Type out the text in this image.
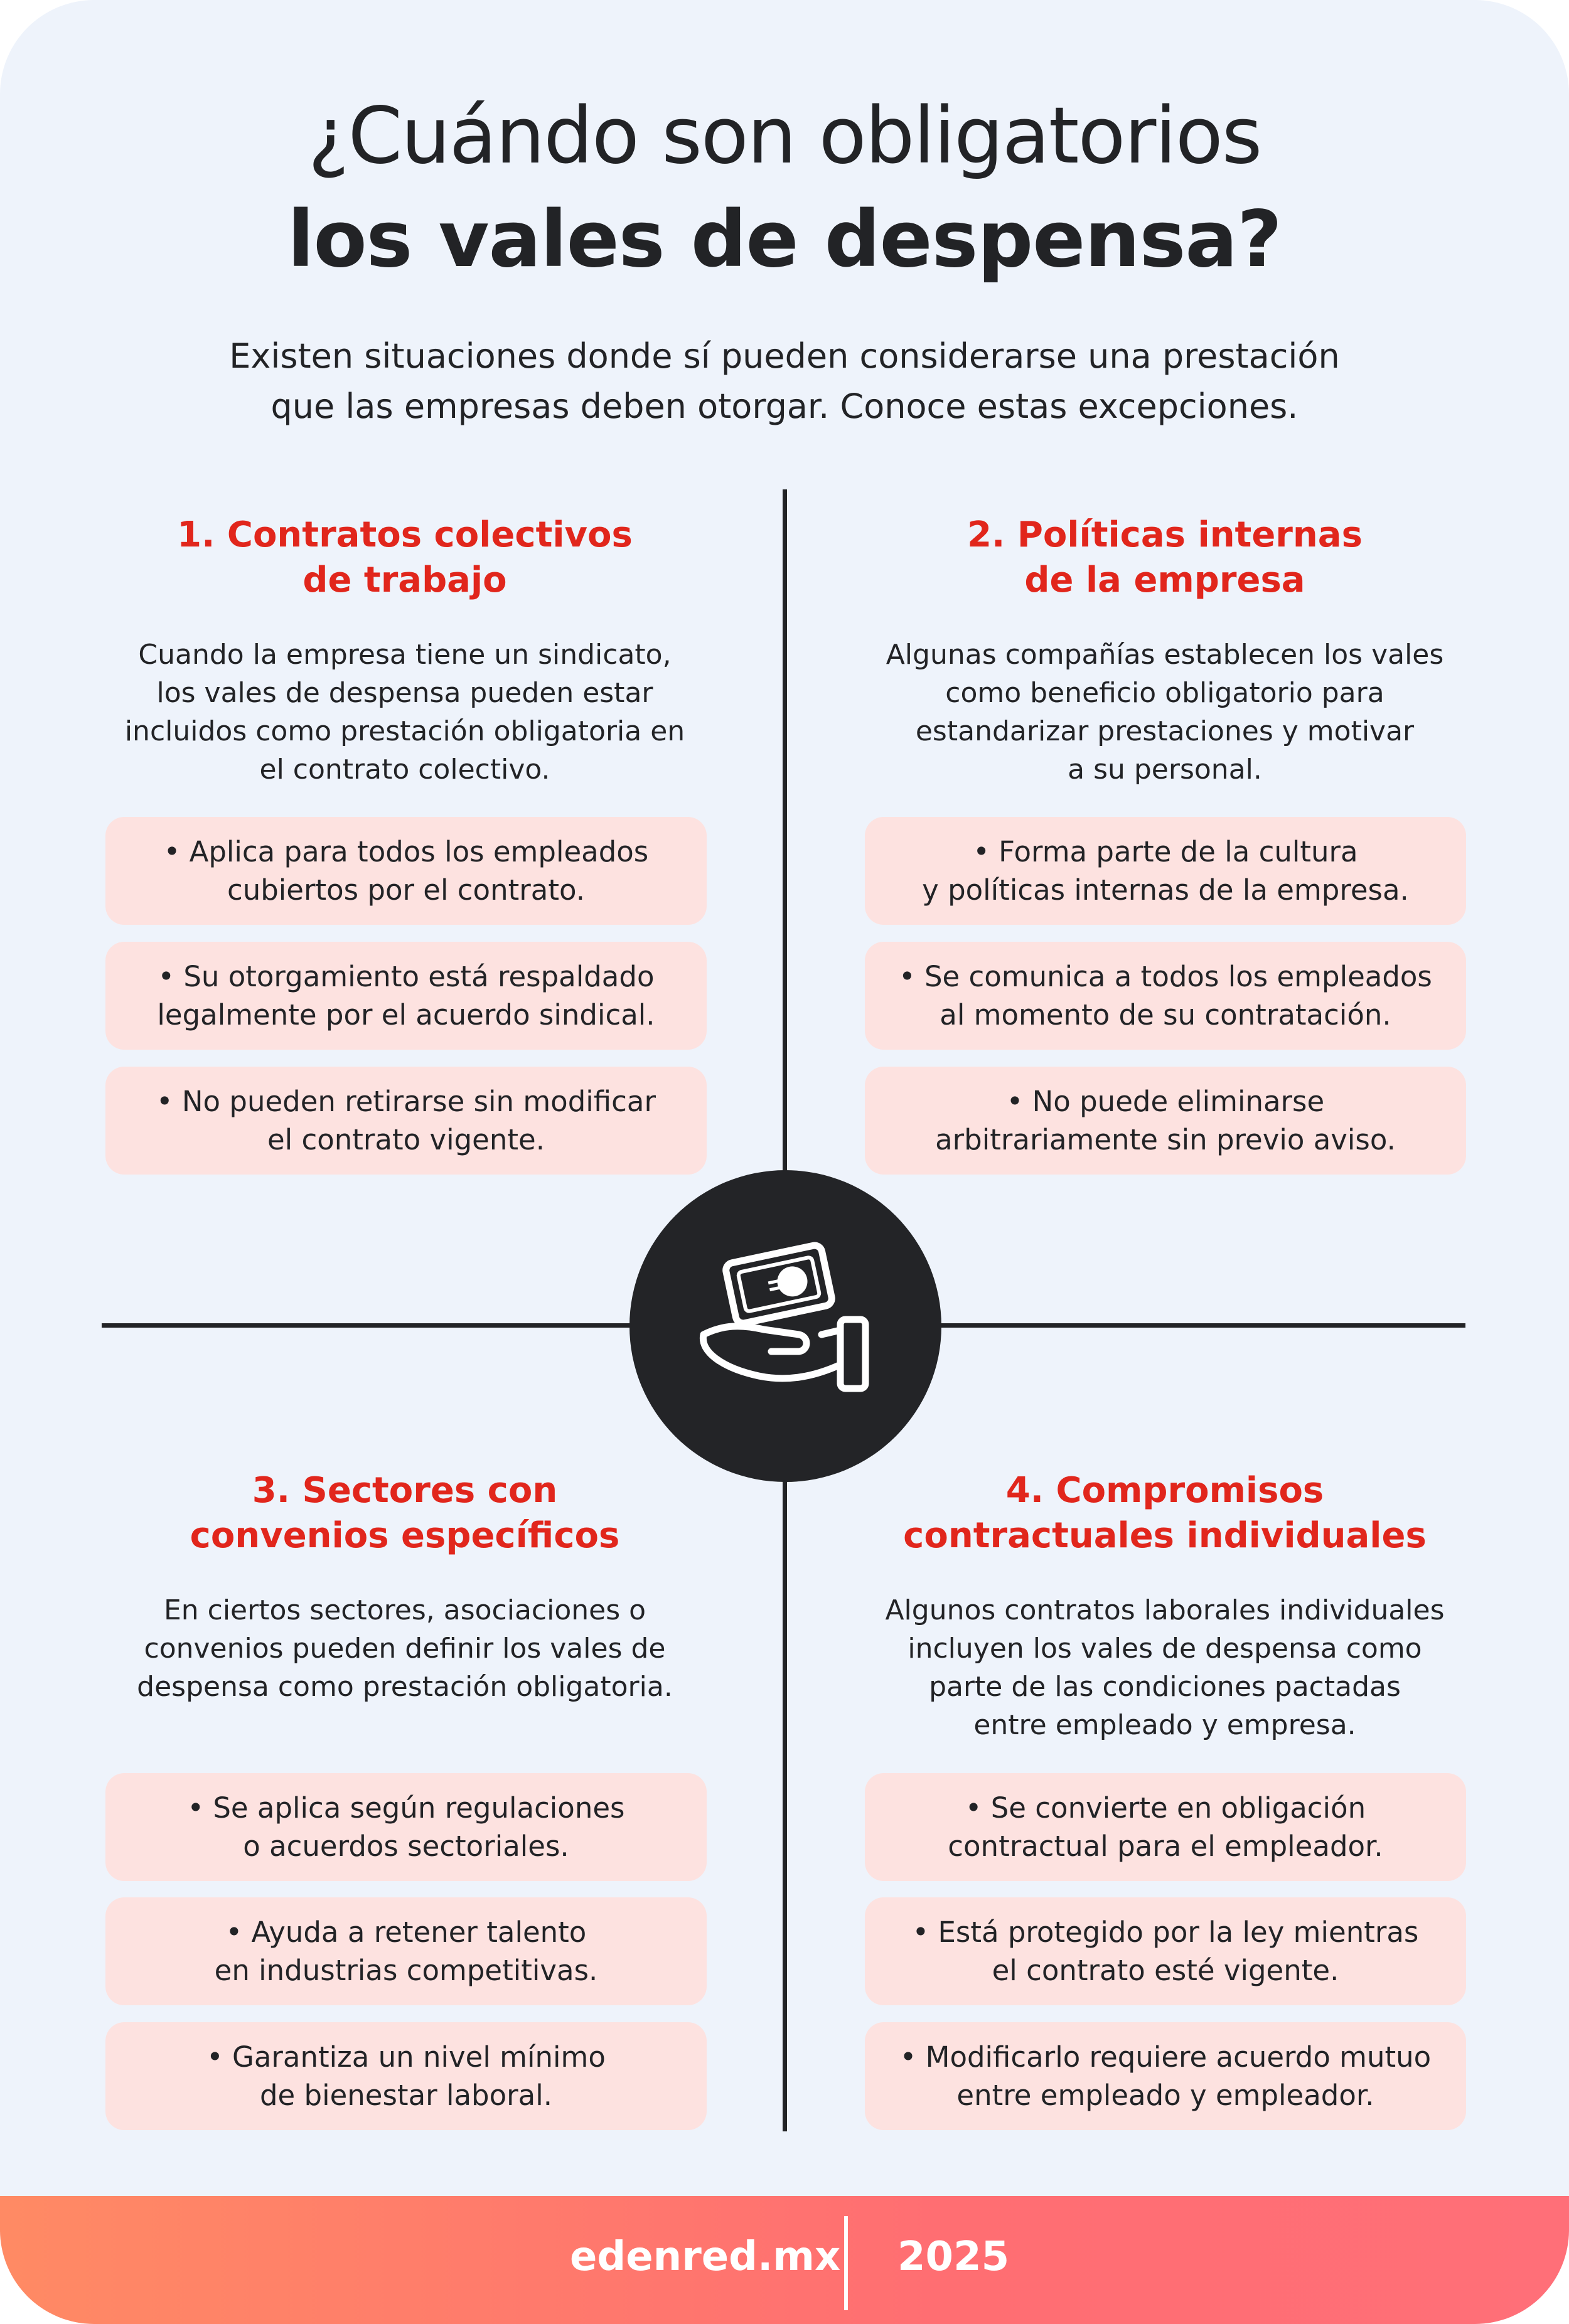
¿Cuándo son obligatorios
los vales de despensa?
Existen situaciones donde sí pueden considerarse una prestación
que las empresas deben otorgar. Conoce estas excepciones.
1. Contratos colectivos
de trabajo
Cuando la empresa tiene un sindicato,
los vales de despensa pueden estar
incluidos como prestación obligatoria en
el contrato colectivo.
• Aplica para todos los empleados
cubiertos por el contrato.
• Su otorgamiento está respaldado
legalmente por el acuerdo sindical.
• No pueden retirarse sin modificar
el contrato vigente.
2. Políticas internas
de la empresa
Algunas compañías establecen los vales
como beneficio obligatorio para
estandarizar prestaciones y motivar
a su personal.
• Forma parte de la cultura
y políticas internas de la empresa.
• Se comunica a todos los empleados
al momento de su contratación.
• No puede eliminarse
arbitrariamente sin previo aviso.
3. Sectores con
convenios específicos
En ciertos sectores, asociaciones o
convenios pueden definir los vales de
despensa como prestación obligatoria.
• Se aplica según regulaciones
o acuerdos sectoriales.
• Ayuda a retener talento
en industrias competitivas.
• Garantiza un nivel mínimo
de bienestar laboral.
4. Compromisos
contractuales individuales
Algunos contratos laborales individuales
incluyen los vales de despensa como
parte de las condiciones pactadas
entre empleado y empresa.
• Se convierte en obligación
contractual para el empleador.
• Está protegido por la ley mientras
el contrato esté vigente.
• Modificarlo requiere acuerdo mutuo
entre empleado y empleador.
edenred.mx 2025
